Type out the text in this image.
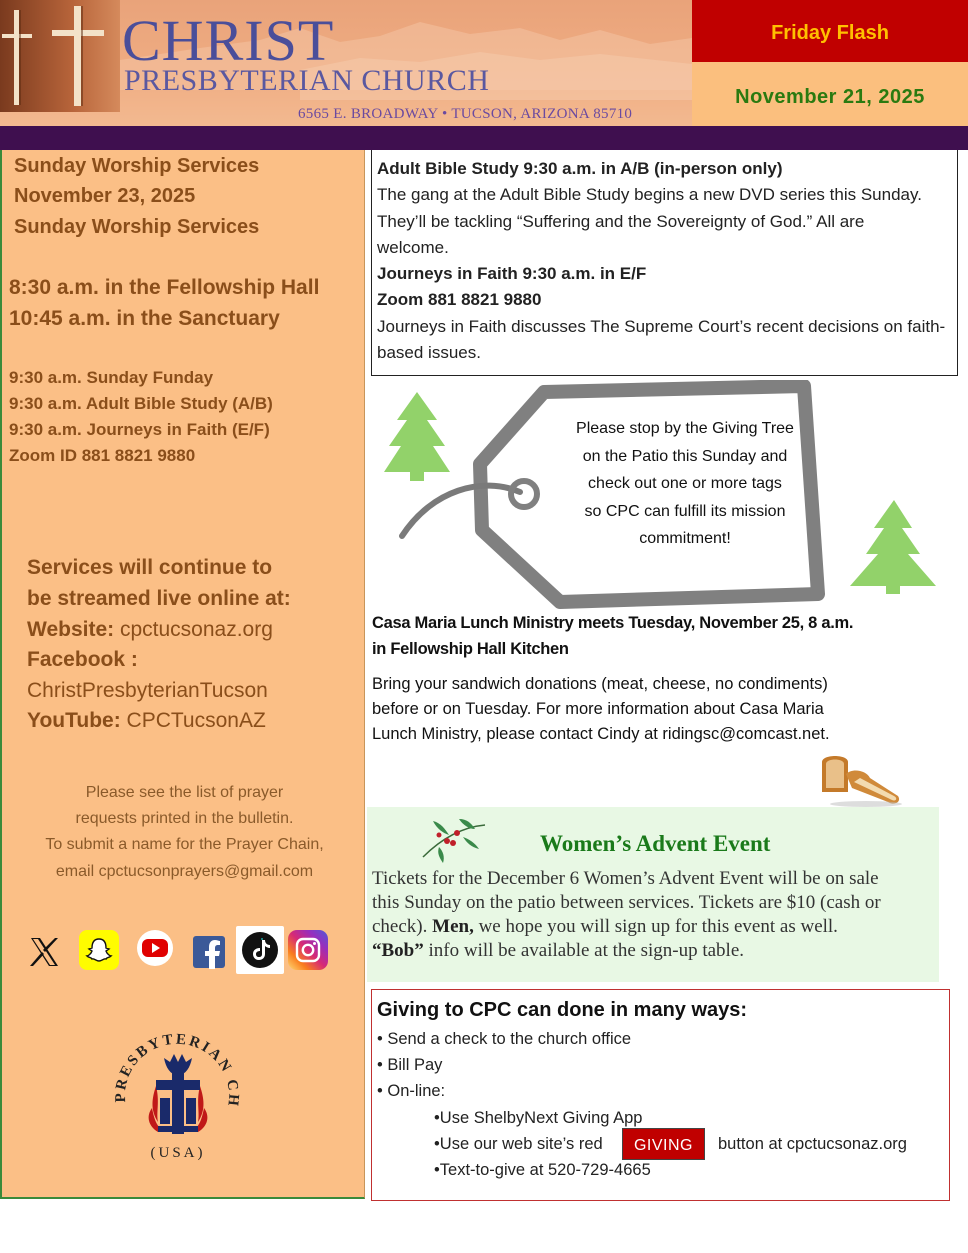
CHRIST
PRESBYTERIAN CHURCH
6565 E. BROADWAY • TUCSON, ARIZONA 85710
Friday Flash
November 21, 2025
Sunday Worship Services
November 23, 2025
Sunday Worship Services
8:30 a.m. in the Fellowship Hall
10:45 a.m. in the Sanctuary
9:30 a.m. Sunday Funday
9:30 a.m. Adult Bible Study (A/B)
9:30 a.m. Journeys in Faith (E/F)
Zoom ID 881 8821 9880
Services will continue to
be streamed live online at:
Website: cpctucsonaz.org
Facebook :
ChristPresbyterianTucson
YouTube: CPCTucsonAZ
Please see the list of prayer
requests printed in the bulletin.
To submit a name for the Prayer Chain,
email cpctucsonprayers@gmail.com
PRESBYTERIAN CH
(USA)
Adult Bible Study 9:30 a.m. in A/B (in-person only)
The gang at the Adult Bible Study begins a new DVD series this Sunday.
They’ll be tackling “Suffering and the Sovereignty of God.” All are
welcome.
Journeys in Faith 9:30 a.m. in E/F
Zoom 881 8821 9880
Journeys in Faith discusses The Supreme Court’s recent decisions on faith-
based issues.
Please stop by the Giving Tree
on the Patio this Sunday and
check out one or more tags
so CPC can fulfill its mission
commitment!
Casa Maria Lunch Ministry meets Tuesday, November 25, 8 a.m.
in Fellowship Hall Kitchen
Bring your sandwich donations (meat, cheese, no condiments)
before or on Tuesday. For more information about Casa Maria
Lunch Ministry, please contact Cindy at ridingsc@comcast.net.
Women’s Advent Event
Tickets for the December 6 Women’s Advent Event will be on sale
this Sunday on the patio between services. Tickets are $10 (cash or
check). Men, we hope you will sign up for this event as well.
“Bob” info will be available at the sign-up table.
Giving to CPC can done in many ways:
• Send a check to the church office
• Bill Pay
• On-line:
•Use ShelbyNext Giving App
•Use our web site’s red	GIVING	button at cpctucsonaz.org
•Text-to-give at 520-729-4665
